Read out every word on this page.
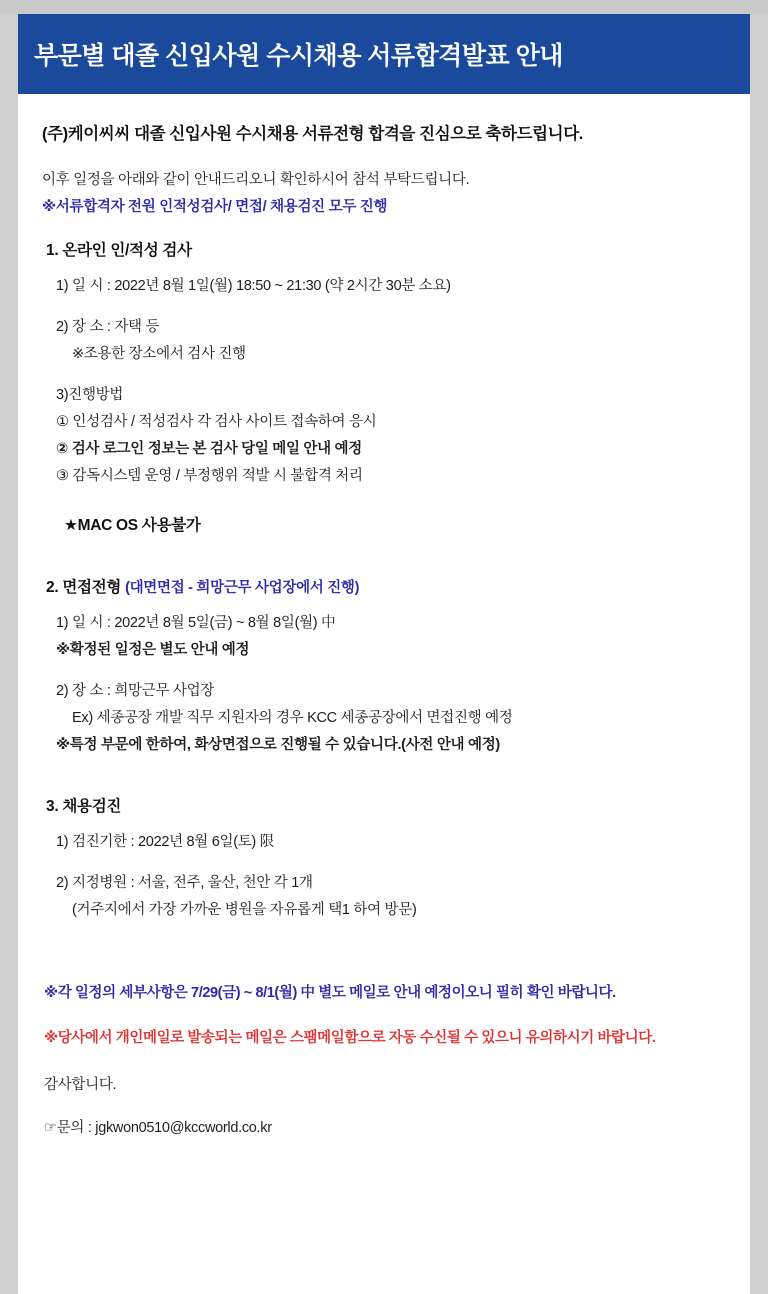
부문별 대졸 신입사원 수시채용 서류합격발표 안내
(주)케이씨씨 대졸 신입사원 수시채용 서류전형 합격을 진심으로 축하드립니다.
이후 일정을 아래와 같이 안내드리오니 확인하시어 참석 부탁드립니다.
※서류합격자 전원 인적성검사/ 면접/ 채용검진 모두 진행
1. 온라인 인/적성 검사
1) 일 시 : 2022년 8월 1일(월) 18:50 ~ 21:30 (약 2시간 30분 소요)
2) 장 소 : 자택 등
※조용한 장소에서 검사 진행
3)진행방법
① 인성검사 / 적성검사 각 검사 사이트 접속하여 응시
② 검사 로그인 정보는 본 검사 당일 메일 안내 예정
③ 감독시스템 운영 / 부정행위 적발 시 불합격 처리
★MAC OS 사용불가
2. 면접전형 (대면면접 - 희망근무 사업장에서 진행)
1) 일 시 : 2022년 8월 5일(금) ~ 8월 8일(월) 中
※확정된 일정은 별도 안내 예정
2) 장 소 : 희망근무 사업장
Ex) 세종공장 개발 직무 지원자의 경우 KCC 세종공장에서 면접진행 예정
※특정 부문에 한하여, 화상면접으로 진행될 수 있습니다.(사전 안내 예정)
3. 채용검진
1) 검진기한 : 2022년 8월 6일(토) 限
2) 지정병원 : 서울, 전주, 울산, 천안 각 1개
(거주지에서 가장 가까운 병원을 자유롭게 택1 하여 방문)
※각 일정의 세부사항은 7/29(금) ~ 8/1(월) 中 별도 메일로 안내 예정이오니 필히 확인 바랍니다.
※당사에서 개인메일로 발송되는 메일은 스팸메일함으로 자동 수신될 수 있으니 유의하시기 바랍니다.
감사합니다.
☞문의 : jgkwon0510@kccworld.co.kr
